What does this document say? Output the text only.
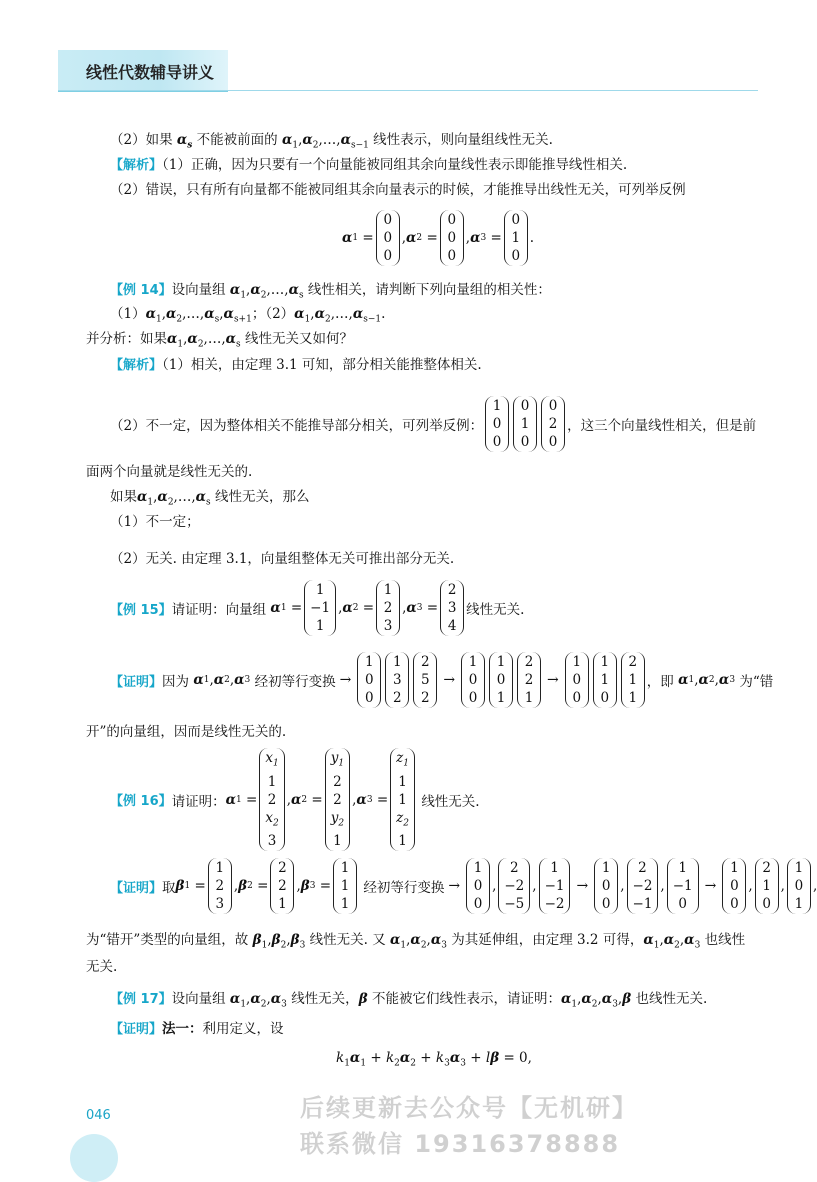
线性代数辅导讲义
（2）如果 $\alpha_s$ 不能被前面的 $\alpha_1,\alpha_2,\dots,\alpha_{s-1}$ 线性表示，则向量组线性无关.
【解析】（1）正确，因为只要有一个向量能被同组其余向量线性表示即能推导线性相关.
（2）错误，只有所有向量都不能被同组其余向量表示的时候，才能推导出线性无关，可列举反例
α 1 =
0
0
0
, α 2 =
0
0
0
, α 3 =
0
1
0
.
【例 14】设向量组 $\alpha_1,\alpha_2,\dots,\alpha_s$ 线性相关，请判断下列向量组的相关性：
$(1)\alpha_1,\alpha_2,\dots,\alpha_s,\alpha_{s+1}$；$(2)\alpha_1,\alpha_2,\dots,\alpha_{s-1}$.
并分析：如果$\alpha_1,\alpha_2,\dots,\alpha_s$ 线性无关又如何？
【解析】（1）相关，由定理 3.1 可知，部分相关能推整体相关.
（2）不一定，因为整体相关不能推导部分相关，可列举反例：
1
0
0
0
1
0
0
2
0
，这三个向量线性相关，但是前
面两个向量就是线性无关的.
如果$\alpha_1,\alpha_2,\dots,\alpha_s$ 线性无关，那么
（1）不一定；
（2）无关. 由定理 3.1，向量组整体无关可推出部分无关.
【例 15】 请证明：向量组
α 1 =
1
−1
1
, α 2 =
1
2
3
, α 3 =
2
3
4
线性无关.
【证明】 因为
α 1 , α 2 , α 3
经初等行变换 →
1
0
0
1
3
2
2
5
2
→
1
0
0
1
0
1
2
2
1
→
1
0
0
1
1
0
2
1
1
，即
α 1 , α 2 , α 3
为“错
开”的向量组，因而是线性无关的.
【例 16】 请证明： α 1 =
$x_1$
1
2
$x_2$
3
, α 2 =
$y_1$
2
2
$y_2$
1
, α 3 =
$z_1$
1
1
$z_2$
1

线性无关.
【证明】 取 β 1 =
1
2
3
, β 2 =
2
2
1
, β 3 =
1
1
1

经初等行变换 →
1
0
0
,
2
−2
−5
,
1
−1
−2
→
1
0
0
,
2
−2
−1
,
1
−1
0
→
1
0
0
,
2
1
0
,
1
0
1
,
为“错开”类型的向量组，故 $\beta_1,\beta_2,\beta_3$ 线性无关. 又 $\alpha_1,\alpha_2,\alpha_3$ 为其延伸组，由定理 3.2 可得，$\alpha_1,\alpha_2,\alpha_3$ 也线性
无关.
【例 17】设向量组 $\alpha_1,\alpha_2,\alpha_3$ 线性无关，β 不能被它们线性表示，请证明：$\alpha_1,\alpha_2,\alpha_3,\beta$ 也线性无关.
【证明】法一：利用定义，设
$k_1\alpha_1 + k_2\alpha_2 + k_3\alpha_3 + l\beta = 0$,
046	后续更新去公众号【无机研】
联系微信 19316378888
